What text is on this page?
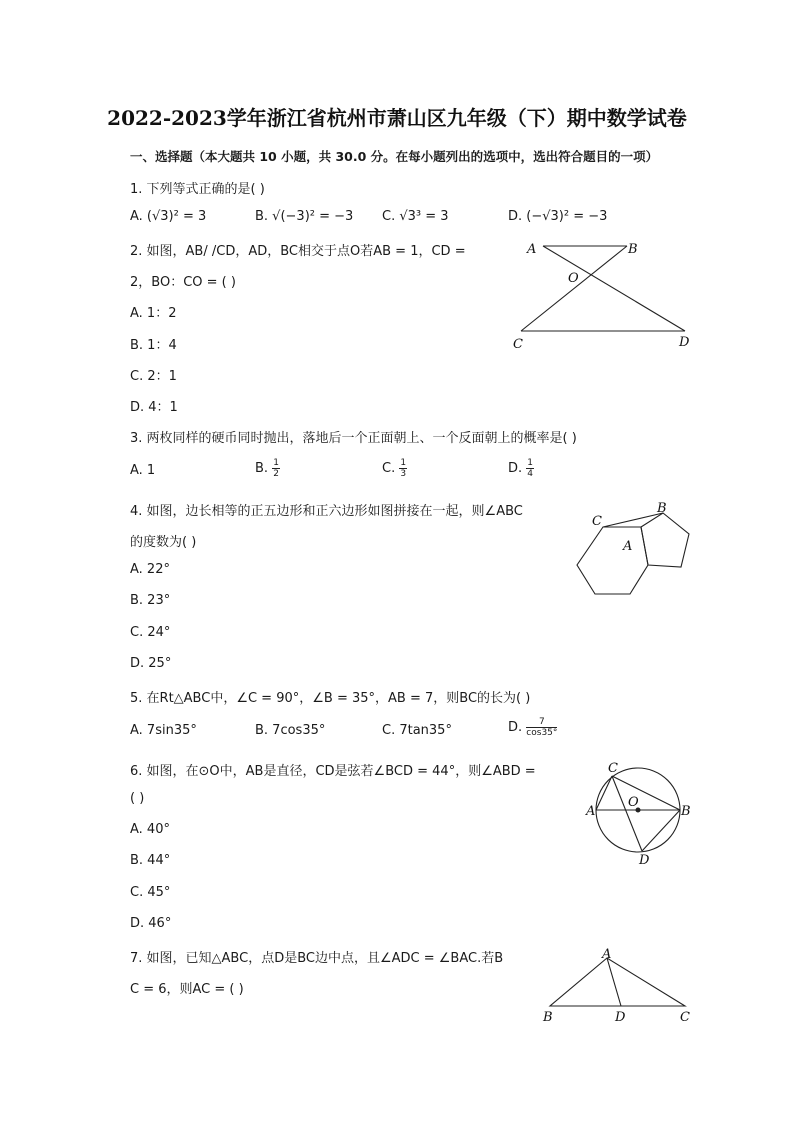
2022-2023学年浙江省杭州市萧山区九年级（下）期中数学试卷
一、选择题（本大题共 10 小题，共 30.0 分。在每小题列出的选项中，选出符合题目的一项）
1. 下列等式正确的是( )
A. (√3)² = 3	B. √(−3)² = −3 C. √3³ = 3	D. (−√3)² = −3
2. 如图，AB/ /CD，AD，BC相交于点O若AB = 1，CD =
2，BO：CO = ( )
A. 1：2
B. 1：4
C. 2：1
D. 4：1
A	B
O
C	D
3. 两枚同样的硬币同时抛出，落地后一个正面朝上、一个反面朝上的概率是( )
A. 1	B. $\frac{1}{2}$	C. $\frac{1}{3}$	D. $\frac{1}{4}$
4. 如图，边长相等的正五边形和正六边形如图拼接在一起，则∠ABC
的度数为( )
A. 22°
B. 23°
C. 24°
D. 25°
C
B
A
5. 在Rt△ABC中，∠C = 90°，∠B = 35°，AB = 7，则BC的长为( )
A. 7sin35°	B. 7cos35°	C. 7tan35°	D. $\frac{7}{\cos 35^\circ}$
6. 如图，在⊙O中，AB是直径，CD是弦若∠BCD = 44°，则∠ABD =
( )
A. 40°
B. 44°
C. 45°
D. 46°
C
A
O
B
D
7. 如图，已知△ABC，点D是BC边中点，且∠ADC = ∠BAC.若B
C = 6，则AC = ( )
A
B	D	C
